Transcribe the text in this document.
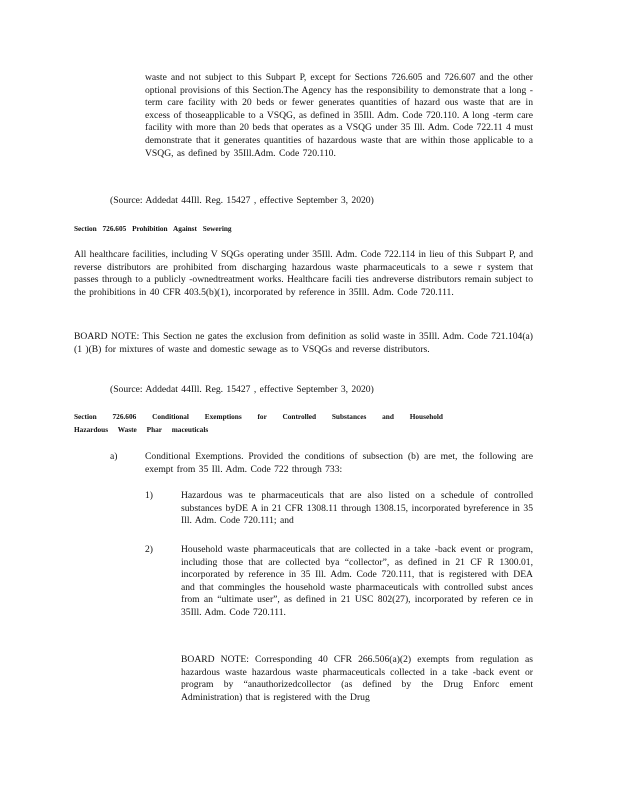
waste and not subject to this Subpart P, except for Sections 726.605 and 726.607 and the other optional provisions of this Section.The Agency has the responsibility to demonstrate that a long -term care facility with 20 beds or fewer generates quantities of hazard ous waste that are in excess of thoseapplicable to a VSQG, as defined in 35Ill. Adm. Code 720.110. A long -term care facility with more than 20 beds that operates as a VSQG under 35 Ill. Adm. Code 722.11 4 must demonstrate that it generates quantities of hazardous waste that are within those applicable to a VSQG, as defined by 35Ill.Adm. Code 720.110.

(Source: Addedat 44Ill. Reg. 15427 , effective September 3, 2020)

Section 726.605 Prohibition Against Sewering

All healthcare facilities, including V SQGs operating under 35Ill. Adm. Code 722.114 in lieu of this Subpart P, and reverse distributors are prohibited from discharging hazardous waste pharmaceuticals to a sewe r system that passes through to a publicly -ownedtreatment works. Healthcare facili ties andreverse distributors remain subject to the prohibitions in 40 CFR 403.5(b)(1), incorporated by reference in 35Ill. Adm. Code 720.111.

BOARD NOTE: This Section ne gates the exclusion from definition as solid waste in 35Ill. Adm. Code 721.104(a)(1 )(B) for mixtures of waste and domestic sewage as to VSQGs and reverse distributors.

(Source: Addedat 44Ill. Reg. 15427 , effective September 3, 2020)

Section 726.606 Conditional Exemptions for Controlled Substances and Household

Hazardous Waste Phar maceuticals

a)	Conditional Exemptions. Provided the conditions of subsection (b) are met, the following are exempt from 35 Ill. Adm. Code 722 through 733:

1)	Hazardous was te pharmaceuticals that are also listed on a schedule of controlled substances byDE A in 21 CFR 1308.11 through 1308.15, incorporated byreference in 35 Ill. Adm. Code 720.111; and

2)	Household waste pharmaceuticals that are collected in a take -back event or program, including those that are collected bya “collector”, as defined in 21 CF R 1300.01, incorporated by reference in 35 Ill. Adm. Code 720.111, that is registered with DEA and that commingles the household waste pharmaceuticals with controlled subst ances from an “ultimate user”, as defined in 21 USC 802(27), incorporated by referen ce in 35Ill. Adm. Code 720.111.

BOARD NOTE: Corresponding 40 CFR 266.506(a)(2) exempts from regulation as hazardous waste hazardous waste pharmaceuticals collected in a take -back event or program by “anauthorizedcollector (as defined by the Drug Enforc ement Administration) that is registered with the Drug
